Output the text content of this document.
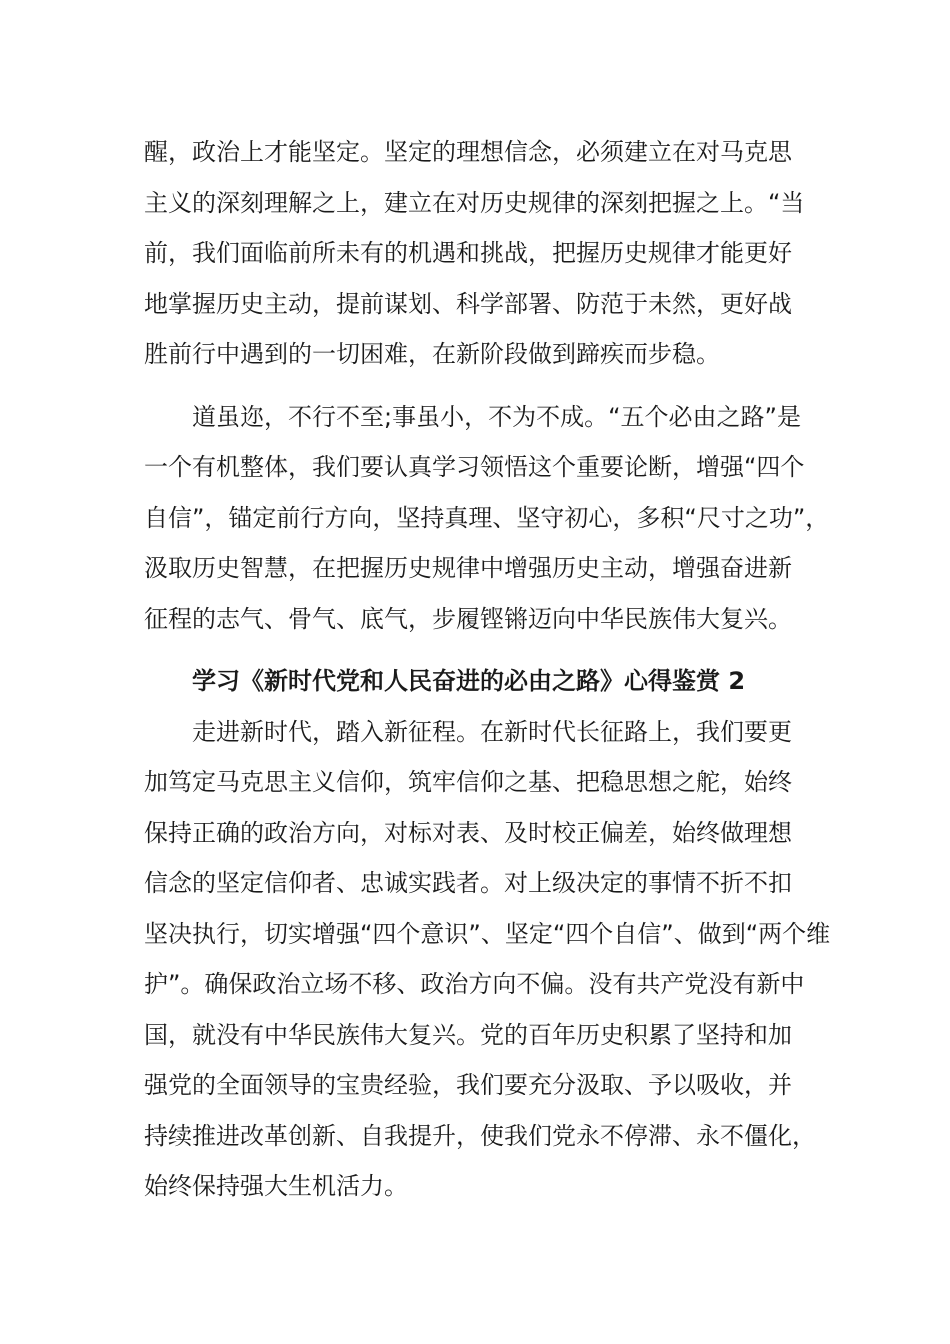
醒，政治上才能坚定。坚定的理想信念，必须建立在对马克思
主义的深刻理解之上，建立在对历史规律的深刻把握之上。“当
前，我们面临前所未有的机遇和挑战，把握历史规律才能更好
地掌握历史主动，提前谋划、科学部署、防范于未然，更好战
胜前行中遇到的一切困难，在新阶段做到蹄疾而步稳。
道虽迩，不行不至;事虽小，不为不成。“五个必由之路”是
一个有机整体，我们要认真学习领悟这个重要论断，增强“四个
自信”，锚定前行方向，坚持真理、坚守初心，多积“尺寸之功”，
汲取历史智慧，在把握历史规律中增强历史主动，增强奋进新
征程的志气、骨气、底气，步履铿锵迈向中华民族伟大复兴。
学习《新时代党和人民奋进的必由之路》心得鉴赏 2
走进新时代，踏入新征程。在新时代长征路上，我们要更
加笃定马克思主义信仰，筑牢信仰之基、把稳思想之舵，始终
保持正确的政治方向，对标对表、及时校正偏差，始终做理想
信念的坚定信仰者、忠诚实践者。对上级决定的事情不折不扣
坚决执行，切实增强“四个意识”、坚定“四个自信”、做到“两个维
护”。确保政治立场不移、政治方向不偏。没有共产党没有新中
国，就没有中华民族伟大复兴。党的百年历史积累了坚持和加
强党的全面领导的宝贵经验，我们要充分汲取、予以吸收，并
持续推进改革创新、自我提升，使我们党永不停滞、永不僵化，
始终保持强大生机活力。
